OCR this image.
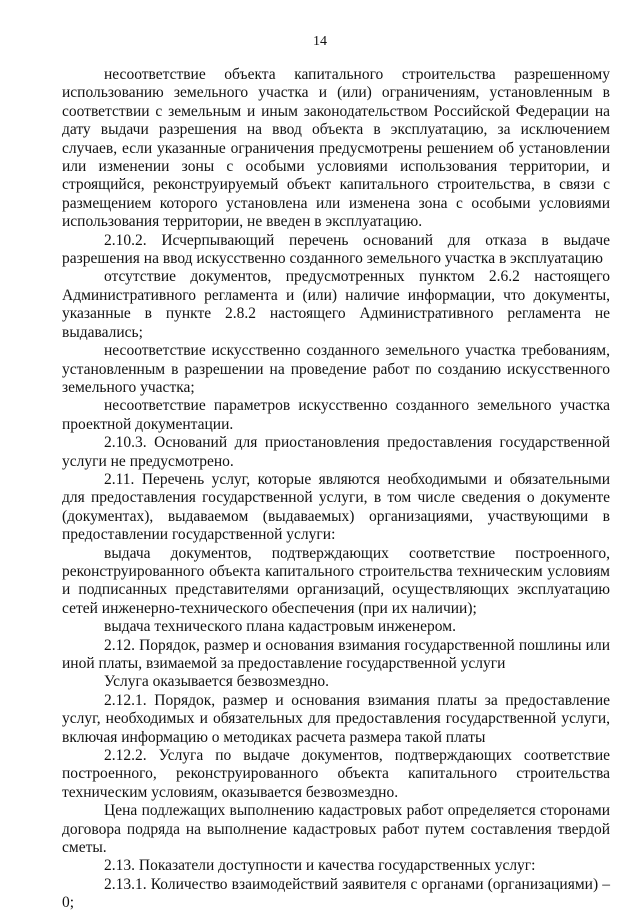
14

несоответствие объекта капитального строительства разрешенному использованию земельного участка и (или) ограничениям, установленным в соответствии с земельным и иным законодательством Российской Федерации на дату выдачи разрешения на ввод объекта в эксплуатацию, за исключением случаев, если указанные ограничения предусмотрены решением об установлении или изменении зоны с особыми условиями использования территории, и строящийся, реконструируемый объект капитального строительства, в связи с размещением которого установлена или изменена зона с особыми условиями использования территории, не введен в эксплуатацию.

2.10.2. Исчерпывающий перечень оснований для отказа в выдаче разрешения на ввод искусственно созданного земельного участка в эксплуатацию

отсутствие документов, предусмотренных пунктом 2.6.2 настоящего Административного регламента и (или) наличие информации, что документы, указанные в пункте 2.8.2 настоящего Административного регламента не выдавались;

несоответствие искусственно созданного земельного участка требованиям, установленным в разрешении на проведение работ по созданию искусственного земельного участка;

несоответствие параметров искусственно созданного земельного участка проектной документации.

2.10.3. Оснований для приостановления предоставления государственной услуги не предусмотрено.

2.11. Перечень услуг, которые являются необходимыми и обязательными для предоставления государственной услуги, в том числе сведения о документе (документах), выдаваемом (выдаваемых) организациями, участвующими в предоставлении государственной услуги:

выдача документов, подтверждающих соответствие построенного, реконструированного объекта капитального строительства техническим условиям и подписанных представителями организаций, осуществляющих эксплуатацию сетей инженерно-технического обеспечения (при их наличии);

выдача технического плана кадастровым инженером.

2.12. Порядок, размер и основания взимания государственной пошлины или иной платы, взимаемой за предоставление государственной услуги

Услуга оказывается безвозмездно.

2.12.1. Порядок, размер и основания взимания платы за предоставление услуг, необходимых и обязательных для предоставления государственной услуги, включая информацию о методиках расчета размера такой платы

2.12.2. Услуга по выдаче документов, подтверждающих соответствие построенного, реконструированного объекта капитального строительства техническим условиям, оказывается безвозмездно.

Цена подлежащих выполнению кадастровых работ определяется сторонами договора подряда на выполнение кадастровых работ путем составления твердой сметы.

2.13. Показатели доступности и качества государственных услуг:

2.13.1. Количество взаимодействий заявителя с органами (организациями) – 0;
